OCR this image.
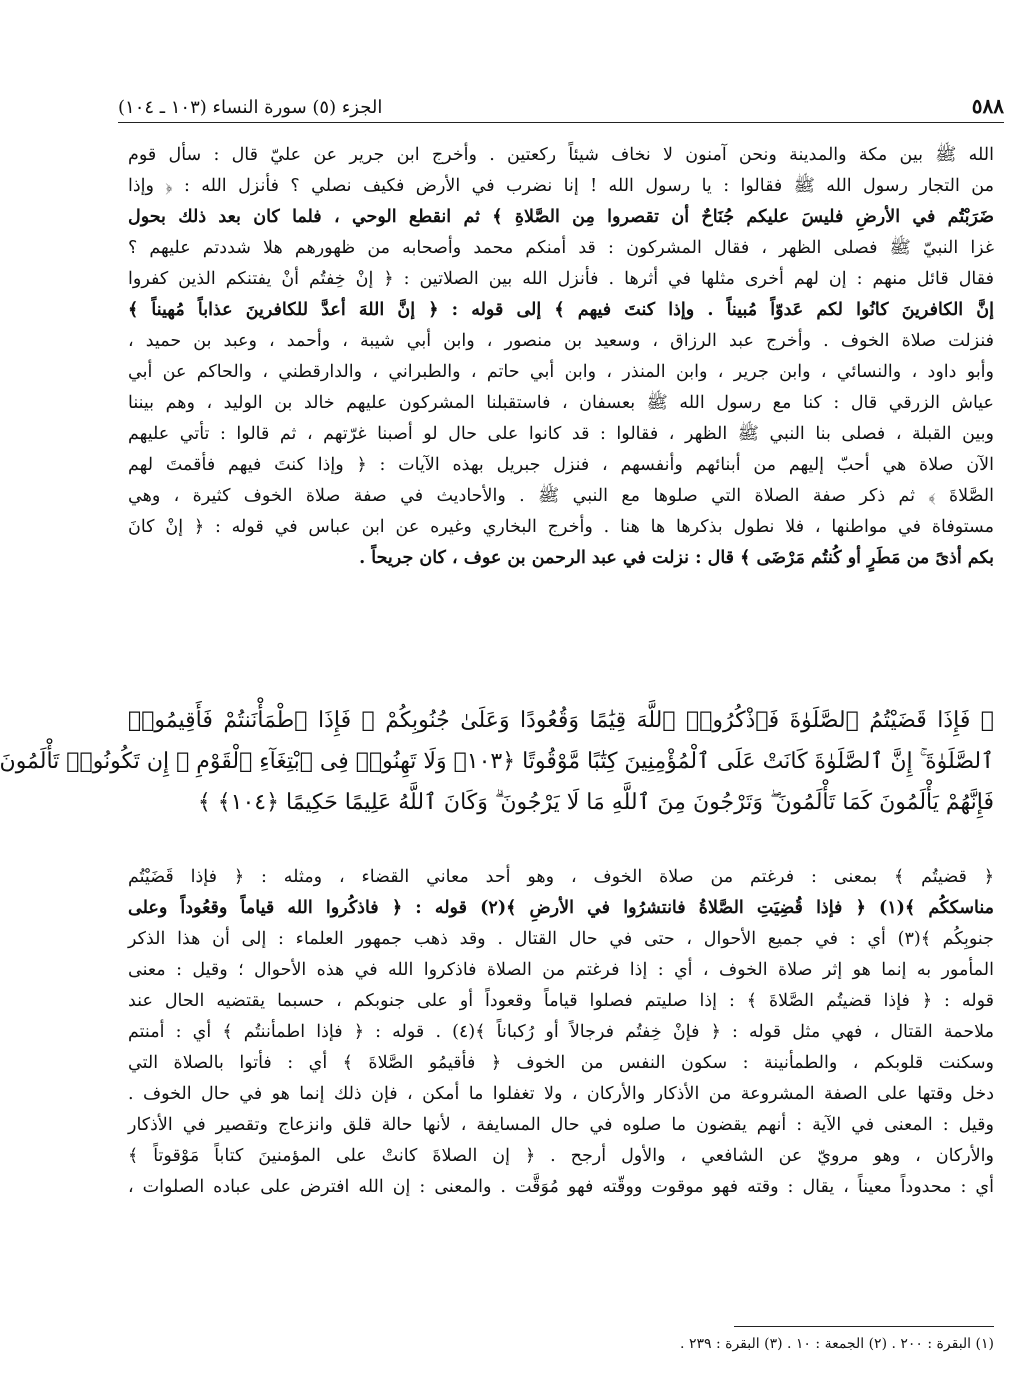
٥٨٨
الجزء (٥) سورة النساء (١٠٣ ـ ١٠٤)
الله ﷺ بين مكة والمدينة ونحن آمنون لا نخاف شيئاً ركعتين . وأخرج ابن جرير عن عليّ قال : سأل قوم
من التجار رسول الله ﷺ فقالوا : يا رسول الله ! إنا نضرب في الأرض فكيف نصلي ؟ فأنزل الله : ﴿ وإذا
ضَرَبْتُم في الأرضِ فليسَ عليكم جُنَاحٌ أن تقصروا مِن الصَّلاةِ ﴾ ثم انقطع الوحي ، فلما كان بعد ذلك بحول
غزا النبيّ ﷺ فصلى الظهر ، فقال المشركون : قد أمنكم محمد وأصحابه من ظهورهم هلا شددتم عليهم ؟
فقال قائل منهم : إن لهم أخرى مثلها في أثرها . فأنزل الله بين الصلاتين : ﴿ إنْ خِفتُم أنْ يفتنكم الذين كفروا
إنَّ الكافرينَ كانُوا لكم عَدوّاً مُبيناً . وإذا كنتَ فيهم ﴾ إلى قوله : ﴿ إنَّ اللهَ أعدَّ للكافرينَ عذاباً مُهيناً ﴾
فنزلت صلاة الخوف . وأخرج عبد الرزاق ، وسعيد بن منصور ، وابن أبي شيبة ، وأحمد ، وعبد بن حميد ،
وأبو داود ، والنسائي ، وابن جرير ، وابن المنذر ، وابن أبي حاتم ، والطبراني ، والدارقطني ، والحاكم عن أبي
عياش الزرقي قال : كنا مع رسول الله ﷺ بعسفان ، فاستقبلنا المشركون عليهم خالد بن الوليد ، وهم بيننا
وبين القبلة ، فصلى بنا النبي ﷺ الظهر ، فقالوا : قد كانوا على حال لو أصبنا غرّتهم ، ثم قالوا : تأتي عليهم
الآن صلاة هي أحبّ إليهم من أبنائهم وأنفسهم ، فنزل جبريل بهذه الآيات : ﴿ وإذا كنتَ فيهم فأقمتَ لهم
الصَّلاةَ ﴾ ثم ذكر صفة الصلاة التي صلوها مع النبي ﷺ . والأحاديث في صفة صلاة الخوف كثيرة ، وهي
مستوفاة في مواطنها ، فلا نطول بذكرها ها هنا . وأخرج البخاري وغيره عن ابن عباس في قوله : ﴿ إنْ كانَ
بكم أذىً من مَطَرٍ أو كُنتُم مَرْضَى ﴾ قال : نزلت في عبد الرحمن بن عوف ، كان جريحاً .
﴿ فَإِذَا قَضَيْتُمُ ٱلصَّلَوٰةَ فَٱذْكُرُوا۟ ٱللَّهَ قِيَٰمًا وَقُعُودًا وَعَلَىٰ جُنُوبِكُمْ ۚ فَإِذَا ٱطْمَأْنَنتُمْ فَأَقِيمُوا۟
ٱلصَّلَوٰةَ ۚ إِنَّ ٱلصَّلَوٰةَ كَانَتْ عَلَى ٱلْمُؤْمِنِينَ كِتَٰبًا مَّوْقُوتًا ﴿١٠٣﴾ وَلَا تَهِنُوا۟ فِى ٱبْتِغَآءِ ٱلْقَوْمِ ۖ إِن تَكُونُوا۟ تَأْلَمُونَ
فَإِنَّهُمْ يَأْلَمُونَ كَمَا تَأْلَمُونَ ۖ وَتَرْجُونَ مِنَ ٱللَّهِ مَا لَا يَرْجُونَ ۗ وَكَانَ ٱللَّهُ عَلِيمًا حَكِيمًا ﴿١٠٤﴾ ﴾
﴿ قضيتُم ﴾ بمعنى : فرغتم من صلاة الخوف ، وهو أحد معاني القضاء ، ومثله : ﴿ فإذا قَضَيْتُم
مناسككُم ﴾(١) ﴿ فإذا قُضِيَتِ الصَّلاةُ فانتشرُوا في الأرضِ ﴾(٢) قوله : ﴿ فاذكُروا الله قياماً وقعُوداً وعلى
جنوبِكُم ﴾(٣) أي : في جميع الأحوال ، حتى في حال القتال . وقد ذهب جمهور العلماء : إلى أن هذا الذكر
المأمور به إنما هو إثر صلاة الخوف ، أي : إذا فرغتم من الصلاة فاذكروا الله في هذه الأحوال ؛ وقيل : معنى
قوله : ﴿ فإذا قضيتُم الصَّلاةَ ﴾ : إذا صليتم فصلوا قياماً وقعوداً أو على جنوبكم ، حسبما يقتضيه الحال عند
ملاحمة القتال ، فهي مثل قوله : ﴿ فإنْ خِفتُم فرجالاً أو رُكباناً ﴾(٤) . قوله : ﴿ فإذا اطمأننتُم ﴾ أي : أمنتم
وسكنت قلوبكم ، والطمأنينة : سكون النفس من الخوف ﴿ فأقيمُو الصَّلاةَ ﴾ أي : فأتوا بالصلاة التي
دخل وقتها على الصفة المشروعة من الأذكار والأركان ، ولا تغفلوا ما أمكن ، فإن ذلك إنما هو في حال الخوف .
وقيل : المعنى في الآية : أنهم يقضون ما صلوه في حال المسايفة ، لأنها حالة قلق وانزعاج وتقصير في الأذكار
والأركان ، وهو مرويّ عن الشافعي ، والأول أرجح . ﴿ إن الصلاةَ كانتْ على المؤمنينَ كتاباً مَوْقوتاً ﴾
أي : محدوداً معيناً ، يقال : وقته فهو موقوت ووقّته فهو مُوَقَّت . والمعنى : إن الله افترض على عباده الصلوات ،
(١) البقرة : ٢٠٠ . (٢) الجمعة : ١٠ . (٣) البقرة : ٢٣٩ .
